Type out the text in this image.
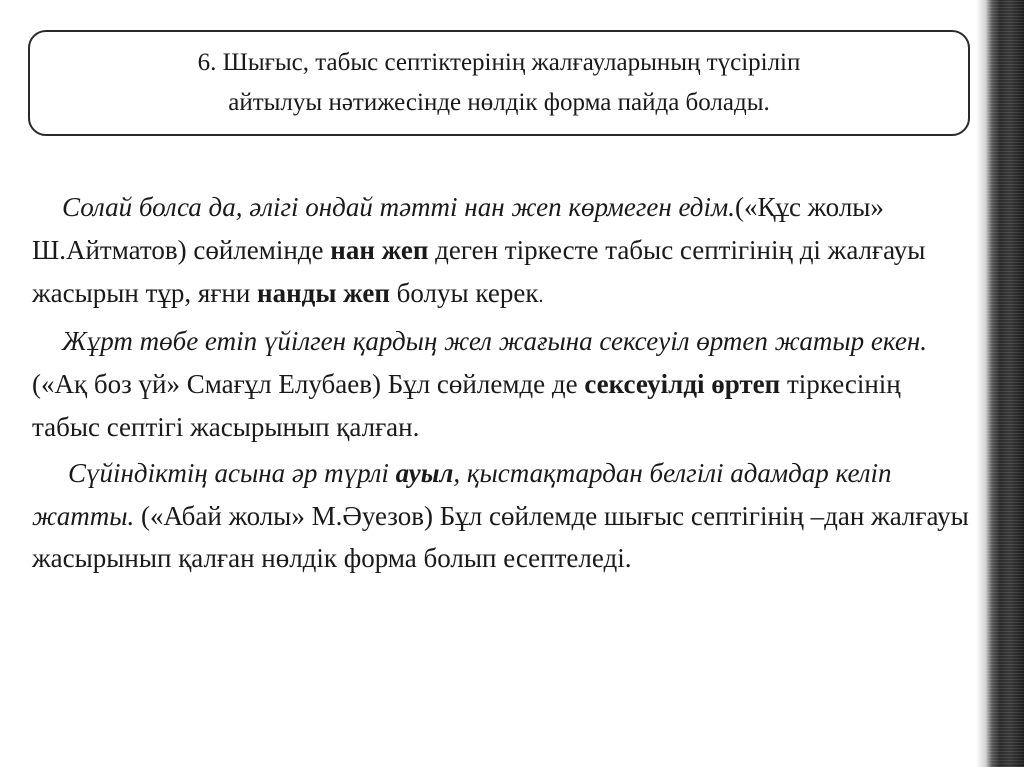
6. Шығыс, табыс септіктерінің жалғауларының түсіріліп
айтылуы нәтижесінде нөлдік форма пайда болады.

Солай болса да, әлігі ондай тәтті нан жеп көрмеген едім.(«Құс жолы» Ш.Айтматов) сөйлемінде нан жеп деген тіркесте табыс септігінің ді жалғауы жасырын тұр, яғни нанды жеп болуы керек.

Жұрт төбе етіп үйілген қардың жел жағына сексеуіл өртеп жатыр екен. («Ақ боз үй» Смағұл Елубаев) Бұл сөйлемде де сексеуілді өртеп тіркесінің табыс септігі жасырынып қалған.

Сүйіндіктің асына әр түрлі ауыл, қыстақтардан белгілі адамдар келіп жатты. («Абай жолы» М.Әуезов) Бұл сөйлемде шығыс септігінің –дан жалғауы жасырынып қалған нөлдік форма болып есептеледі.
